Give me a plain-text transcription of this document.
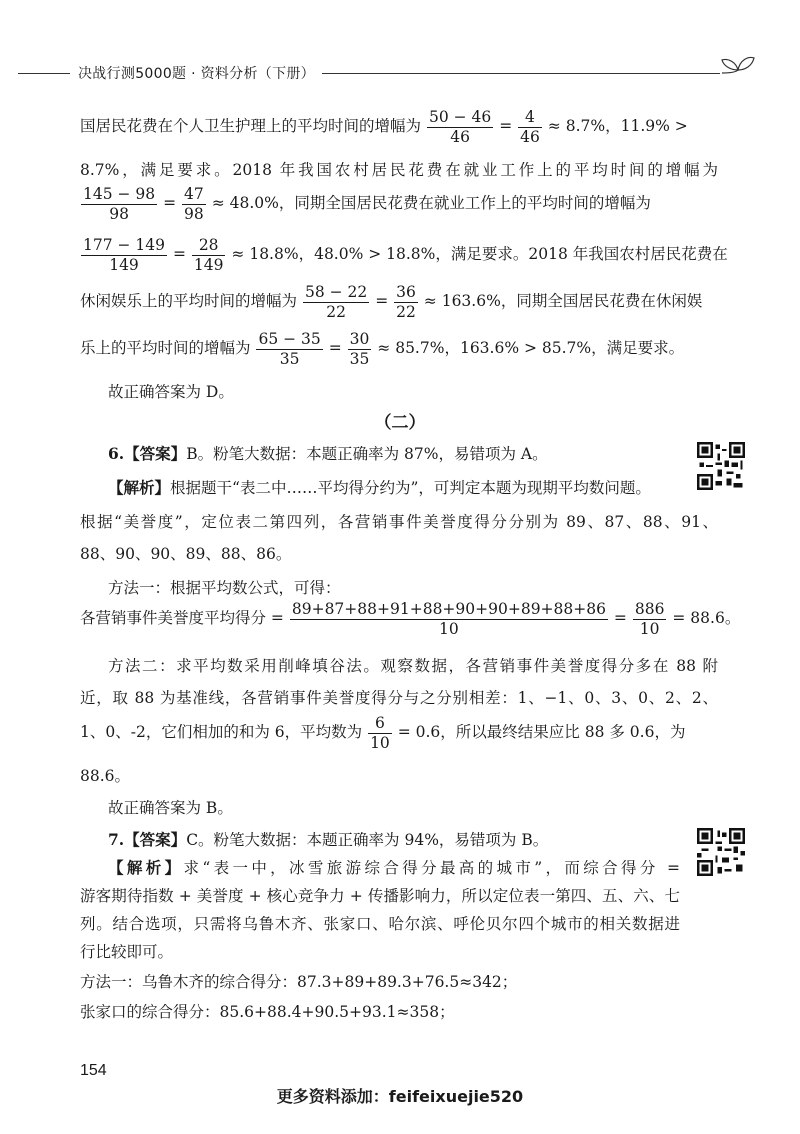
决战行测5000题 · 资料分析（下册）
国居民花费在个人卫生护理上的平均时间的增幅为 $\frac{50 - 46}{46} = \frac{4}{46} \approx 8.7\%$，11.9% >
8.7%，满足要求。2018 年我国农村居民花费在就业工作上的平均时间的增幅为
$\frac{145 - 98}{98} = \frac{47}{98} \approx 48.0\%$，同期全国居民花费在就业工作上的平均时间的增幅为
$\frac{177 - 149}{149} = \frac{28}{149} \approx 18.8\%$，48.0% > 18.8%，满足要求。2018 年我国农村居民花费在
休闲娱乐上的平均时间的增幅为 $\frac{58 - 22}{22} = \frac{36}{22} \approx 163.6\%$，同期全国居民花费在休闲娱
乐上的平均时间的增幅为 $\frac{65 - 35}{35} = \frac{30}{35} \approx 85.7\%$，163.6% > 85.7%，满足要求。
故正确答案为 D。
（二）
6.【答案】B。粉笔大数据：本题正确率为 87%，易错项为 A。
【解析】根据题干“表二中……平均得分约为”，可判定本题为现期平均数问题。
根据“美誉度”，定位表二第四列，各营销事件美誉度得分分别为 89、87、88、91、
88、90、90、89、88、86。
方法一：根据平均数公式，可得：
各营销事件美誉度平均得分 = $\frac{89+87+88+91+88+90+90+89+88+86}{10} = \frac{886}{10} = 88.6$。
方法二：求平均数采用削峰填谷法。观察数据，各营销事件美誉度得分多在 88 附
近，取 88 为基准线，各营销事件美誉度得分与之分别相差：1、−1、0、3、0、2、2、
1、0、-2，它们相加的和为 6，平均数为 $\frac{6}{10} = 0.6$，所以最终结果应比 88 多 0.6，为
88.6。
故正确答案为 B。
7.【答案】C。粉笔大数据：本题正确率为 94%，易错项为 B。
【解析】求“表一中，冰雪旅游综合得分最高的城市”，而综合得分 =
游客期待指数 + 美誉度 + 核心竞争力 + 传播影响力，所以定位表一第四、五、六、七
列。结合选项，只需将乌鲁木齐、张家口、哈尔滨、呼伦贝尔四个城市的相关数据进
行比较即可。
方法一：乌鲁木齐的综合得分：87.3+89+89.3+76.5≈342；
张家口的综合得分：85.6+88.4+90.5+93.1≈358；
154
更多资料添加：feifeixuejie520
